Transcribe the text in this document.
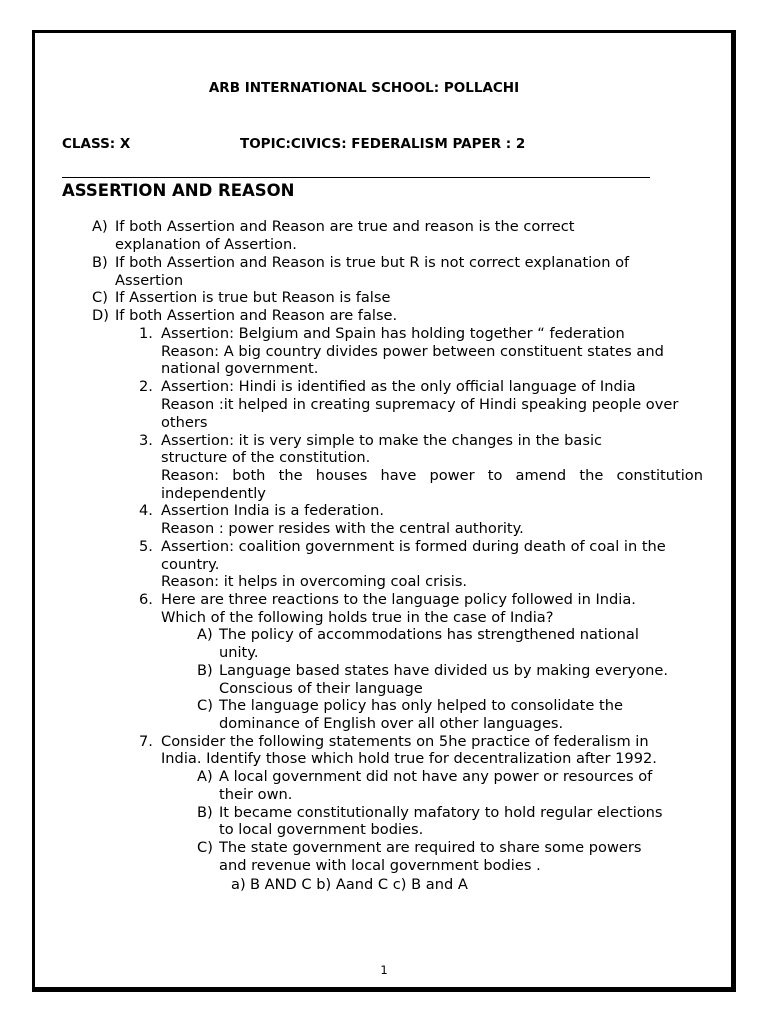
ARB INTERNATIONAL SCHOOL: POLLACHI
CLASS: X	TOPIC:CIVICS: FEDERALISM PAPER : 2
ASSERTION AND REASON
A) If both Assertion and Reason are true and reason is the correct
explanation of Assertion.
B) If both Assertion and Reason is true but R is not correct explanation of
Assertion
C) If Assertion is true but Reason is false
D) If both Assertion and Reason are false.
1. Assertion: Belgium and Spain has holding together “ federation
Reason: A big country divides power between constituent states and
national government.
2. Assertion: Hindi is identified as the only official language of India
Reason :it helped in creating supremacy of Hindi speaking people over
others
3. Assertion: it is very simple to make the changes in the basic
structure of the constitution.
Reason: both the houses have power to amend the constitution
independently
4. Assertion India is a federation.
Reason : power resides with the central authority.
5. Assertion: coalition government is formed during death of coal in the
country.
Reason: it helps in overcoming coal crisis.
6. Here are three reactions to the language policy followed in India.
Which of the following holds true in the case of India?
A) The policy of accommodations has strengthened national
unity.
B) Language based states have divided us by making everyone.
Conscious of their language
C) The language policy has only helped to consolidate the
dominance of English over all other languages.
7. Consider the following statements on 5he practice of federalism in
India. Identify those which hold true for decentralization after 1992.
A) A local government did not have any power or resources of
their own.
B) It became constitutionally mafatory to hold regular elections
to local government bodies.
C) The state government are required to share some powers
and revenue with local government bodies .
a) B AND C b) Aand C c) B and A
1
